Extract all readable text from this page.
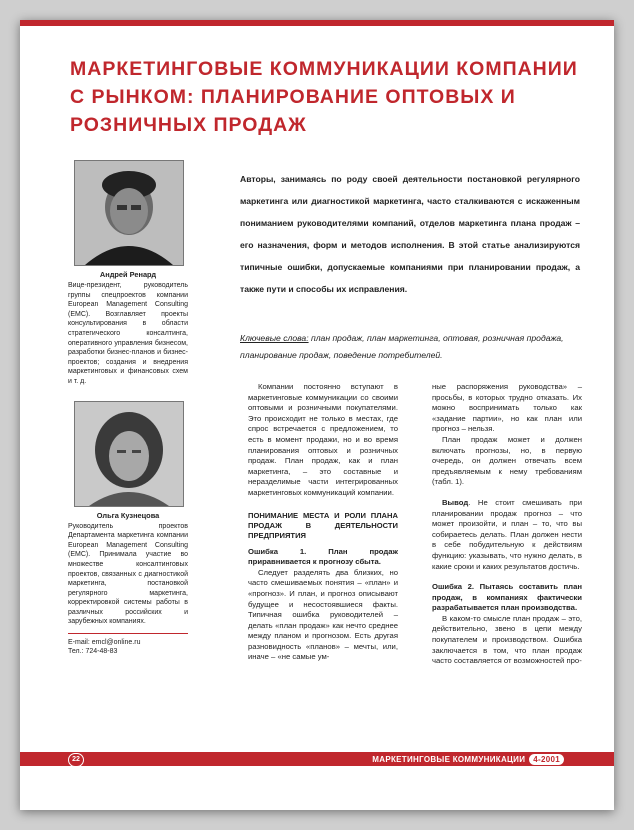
МАРКЕТИНГОВЫЕ КОММУНИКАЦИИ КОМПАНИИ С РЫНКОМ: ПЛАНИРОВАНИЕ ОПТОВЫХ И РОЗНИЧНЫХ ПРОДАЖ
Андрей Ренард

Вице-президент, руководитель группы спецпроектов компании European Management Consulting (EMC). Возглавляет проекты консультирования в области стратегического консалтинга, оперативного управления бизнесом, разработки бизнес-планов и бизнес-проектов; создания и внедрения маркетинговых и финансовых схем и т. д.

Ольга Кузнецова

Руководитель проектов Департамента маркетинга компании European Management Consulting (EMC). Принимала участие во множестве консалтинговых проектов, связанных с диагностикой маркетинга, постановкой регулярного маркетинга, корректировкой системы работы в различных российских и зарубежных компаниях.

E-mail: emcl@online.ru
Тел.: 724-48-83

Авторы, занимаясь по роду своей деятельности постановкой регулярного маркетинга или диагностикой маркетинга, часто сталкиваются с искаженным пониманием руководителями компаний, отделов маркетинга плана продаж – его назначения, форм и методов исполнения. В этой статье анализируются типичные ошибки, допускаемые компаниями при планировании продаж, а также пути и способы их исправления.

Ключевые слова: план продаж, план маркетинга, оптовая, розничная продажа, планирование продаж, поведение потребителей.

Компании постоянно вступают в маркетинговые коммуникации со своими оптовыми и розничными покупателями. Это происходит не только в местах, где спрос встречается с предложением, то есть в момент продажи, но и во время планирования оптовых и розничных продаж. План продаж, как и план маркетинга, – это составные и неразделимые части интегрированных маркетинговых коммуникаций компании.

ПОНИМАНИЕ МЕСТА И РОЛИ ПЛАНА ПРОДАЖ В ДЕЯТЕЛЬНОСТИ ПРЕДПРИЯТИЯ
Ошибка 1. План продаж приравнивается к прогнозу сбыта.

Следует разделять два близких, но часто смешиваемых понятия – «план» и «прогноз». И план, и прогноз описывают будущее и несостоявшиеся факты. Типичная ошибка руководителей – делать «план продаж» как нечто среднее между планом и прогнозом. Есть другая разновидность «планов» – мечты, или, иначе – «не самые ум-

ные распоряжения руководства» – просьбы, в которых трудно отказать. Их можно воспринимать только как «задание партии», но как план или прогноз – нельзя.

План продаж может и должен включать прогнозы, но, в первую очередь, он должен отвечать всем предъявляемым к нему требованиям (табл. 1).

Вывод. Не стоит смешивать при планировании продаж прогноз – что может произойти, и план – то, что вы собираетесь делать. План должен нести в себе побудительную к действиям функцию: указывать, что нужно делать, в какие сроки и каких результатов достичь.

Ошибка 2. Пытаясь составить план продаж, в компаниях фактически разрабатывается план производства.

В каком-то смысле план продаж – это, действительно, звено в цепи между покупателем и производством. Ошибка заключается в том, что план продаж часто составляется от возможностей про-

22	МАРКЕТИНГОВЫЕ КОММУНИКАЦИИ 4-2001
